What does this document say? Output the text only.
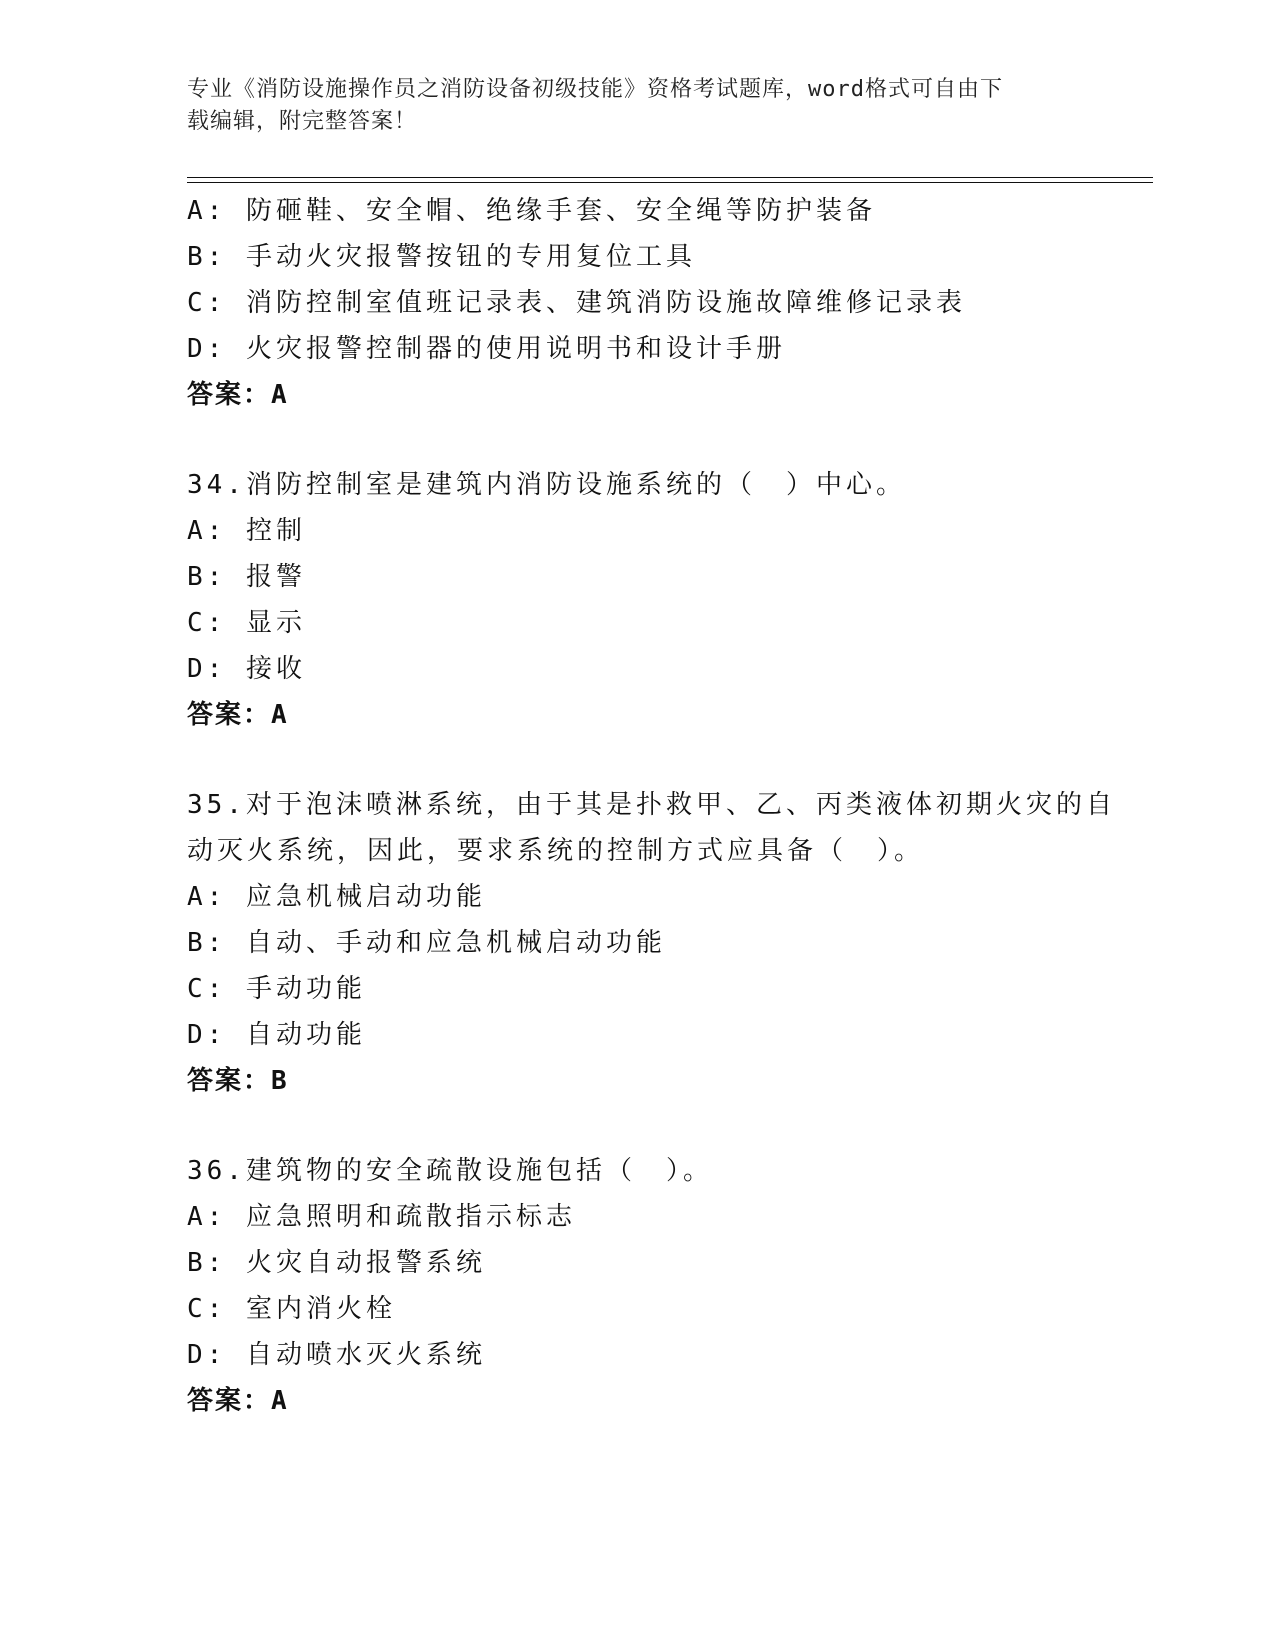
专业《消防设施操作员之消防设备初级技能》资格考试题库，word格式可自由下
载编辑，附完整答案！
A: 防砸鞋、安全帽、绝缘手套、安全绳等防护装备
B: 手动火灾报警按钮的专用复位工具
C: 消防控制室值班记录表、建筑消防设施故障维修记录表
D: 火灾报警控制器的使用说明书和设计手册
答案：A
34.消防控制室是建筑内消防设施系统的（　）中心。
A: 控制
B: 报警
C: 显示
D: 接收
答案：A
35.对于泡沫喷淋系统，由于其是扑救甲、乙、丙类液体初期火灾的自
动灭火系统，因此，要求系统的控制方式应具备（　）。
A: 应急机械启动功能
B: 自动、手动和应急机械启动功能
C: 手动功能
D: 自动功能
答案：B
36.建筑物的安全疏散设施包括（　）。
A: 应急照明和疏散指示标志
B: 火灾自动报警系统
C: 室内消火栓
D: 自动喷水灭火系统
答案：A
